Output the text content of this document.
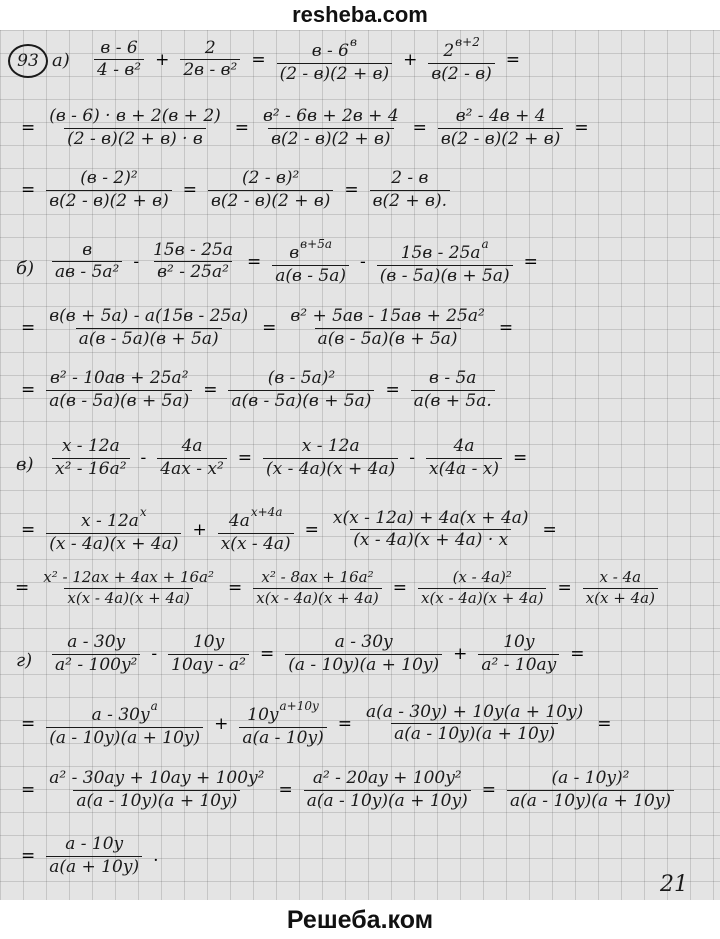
resheba.com
93 $а) \frac{в - 6}{\text{4 - в²}} + \frac{2}{\text{2в - в²}} = \frac{в - 6^в}{(2 - в)(2 + в)} + \frac{2^{в+2}}{в(2 - в)}$ =
= $\frac{(в - 6) \cdot в + 2(в + 2)}{(2 - в)(2 + в) \cdot в} = \frac{\text{в² - 6в + 2в + 4}}{в(2 - в)(2 + в)} = \frac{\text{в² - 4в + 4}}{в(2 - в)(2 + в)}$ =
= $\frac{\text{(в - 2)²}}{в(2 - в)(2 + в)} = \frac{\text{(2 - в)²}}{в(2 - в)(2 + в)} = \frac{2 - в}{в(2 + в).}$
$б) \frac{в}{\text{aв - 5a²}} - \frac{15в - 25a}{\text{в² - 25a²}} = \frac{в^{в+5a}}{a(в - 5a)} - \frac{15в - 25a^a}{(в - 5a)(в + 5a)}$ =
= $\frac{в(в + 5a) - a(15в - 25a)}{a(в - 5a)(в + 5a)} = \frac{\text{в² + 5aв - 15aв + 25a²}}{a(в - 5a)(в + 5a)}$ =
= $\frac{\text{в² - 10aв + 25a²}}{a(в - 5a)(в + 5a)} = \frac{\text{(в - 5a)²}}{a(в - 5a)(в + 5a)} = \frac{в - 5a}{a(в + 5a.}$
$в) \frac{x - 12a}{\text{x² - 16a²}} - \frac{4a}{\text{4ax - x²}} = \frac{x - 12a}{(x - 4a)(x + 4a)} - \frac{4a}{x(4a - x)}$ =
= $\frac{x - 12a^x}{(x - 4a)(x + 4a)} + \frac{4a^{x+4a}}{x(x - 4a)} = \frac{x(x - 12a) + 4a(x + 4a)}{(x - 4a)(x + 4a) \cdot x}$ =
= $\frac{\text{x² - 12ax + 4ax + 16a²}}{x(x - 4a)(x + 4a)} = \frac{\text{x² - 8ax + 16a²}}{x(x - 4a)(x + 4a)} = \frac{\text{(x - 4a)²}}{x(x - 4a)(x + 4a)} = \frac{x - 4a}{x(x + 4a)}$
$г) \frac{a - 30y}{\text{a² - 100y²}} - \frac{10y}{\text{10ay - a²}} = \frac{a - 30y}{(a - 10y)(a + 10y)} + \frac{10y}{\text{a² - 10ay}}$ =
= $\frac{a - 30y^a}{(a - 10y)(a + 10y)} + \frac{10y^{a+10y}}{a(a - 10y)} = \frac{a(a - 30y) + 10y(a + 10y)}{a(a - 10y)(a + 10y)}$ =
= $\frac{\text{a² - 30ay + 10ay + 100y²}}{a(a - 10y)(a + 10y)} = \frac{\text{a² - 20ay + 100y²}}{a(a - 10y)(a + 10y)} = \frac{\text{(a - 10y)²}}{a(a - 10y)(a + 10y)}$
= $\frac{a - 10y}{a(a + 10y)}$ .
21
Решеба.ком
